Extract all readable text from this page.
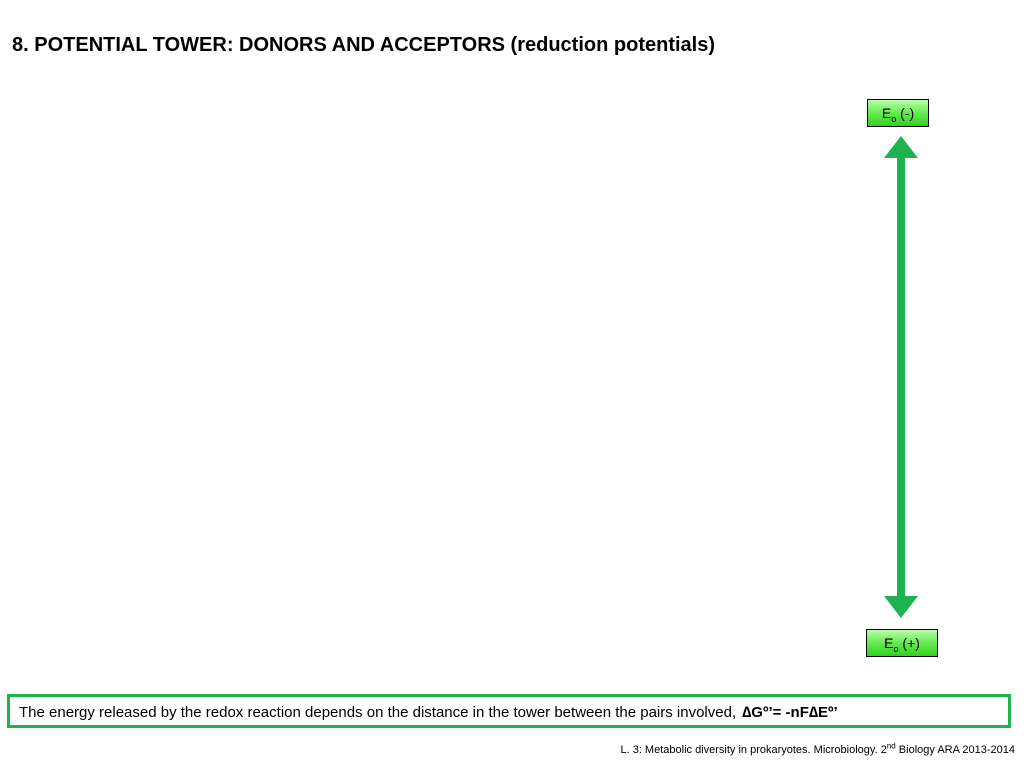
8. POTENTIAL TOWER: DONORS AND ACCEPTORS (reduction potentials)
$E_o$ (-)
$E_o$ (+)
The energy released by the redox reaction depends on the distance in the tower between the pairs involved, ∆Gº’= -nF∆Eº’
L. 3: Metabolic diversity in prokaryotes. Microbiology. 2nd Biology ARA 2013-2014
